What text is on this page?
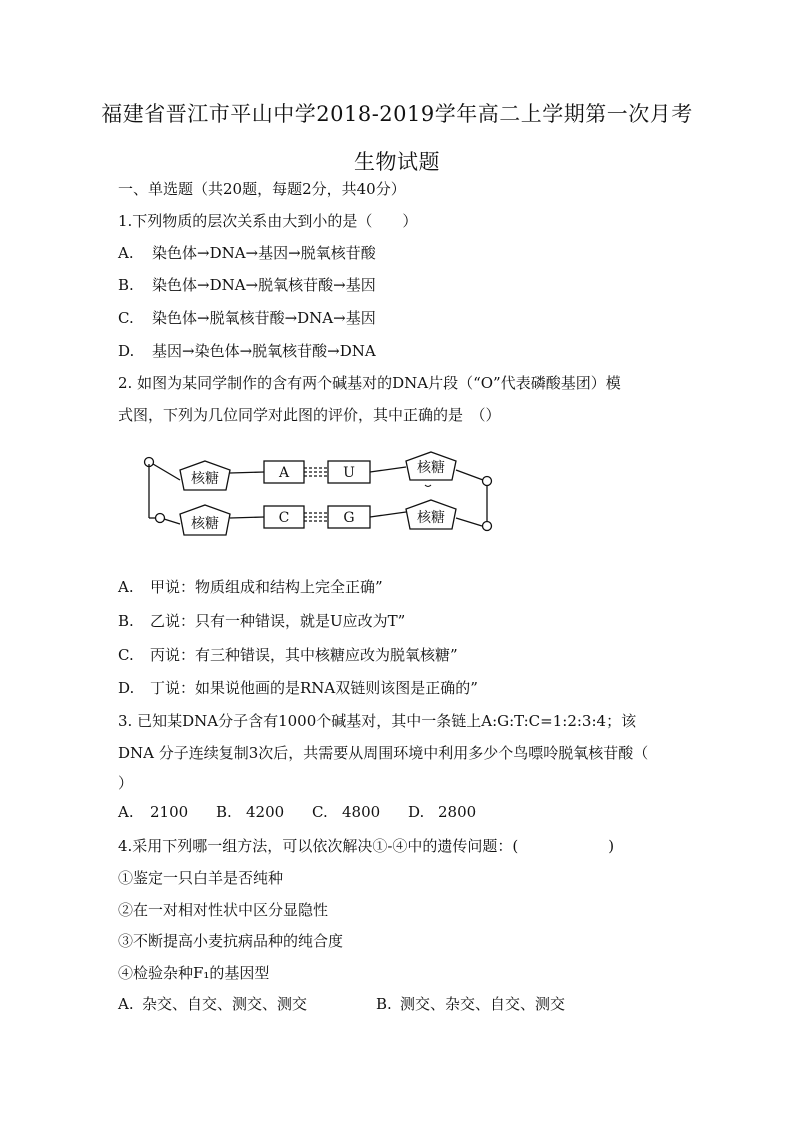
福建省晋江市平山中学2018-2019学年高二上学期第一次月考
生物试题
一、单选题（共20题，每题2分，共40分）
1.下列物质的层次关系由大到小的是（　　）
A. 染色体→DNA→基因→脱氧核苷酸
B. 染色体→DNA→脱氧核苷酸→基因
C. 染色体→脱氧核苷酸→DNA→基因
D. 基因→染色体→脱氧核苷酸→DNA
2. 如图为某同学制作的含有两个碱基对的DNA片段（“O”代表磷酸基团）模
式图，下列为几位同学对此图的评价，其中正确的是　（）
核糖
核糖
核糖
核糖
A	U
C	G
A. 甲说：物质组成和结构上完全正确”
B. 乙说：只有一种错误，就是U应改为T”
C. 丙说：有三种错误，其中核糖应改为脱氧核糖”
D. 丁说：如果说他画的是RNA双链则该图是正确的”
3. 已知某DNA分子含有1000个碱基对，其中一条链上A:G:T:C=1:2:3:4；该
DNA 分子连续复制3次后，共需要从周围环境中利用多少个鸟嘌呤脱氧核苷酸（
）
A. 2100 B. 4200 C. 4800 D. 2800
4.采用下列哪一组方法，可以依次解决①-④中的遗传问题：(　　　　　　)
①鉴定一只白羊是否纯种
②在一对相对性状中区分显隐性
③不断提高小麦抗病品种的纯合度
④检验杂种F₁的基因型
A. 杂交、自交、测交、测交	B. 测交、杂交、自交、测交
